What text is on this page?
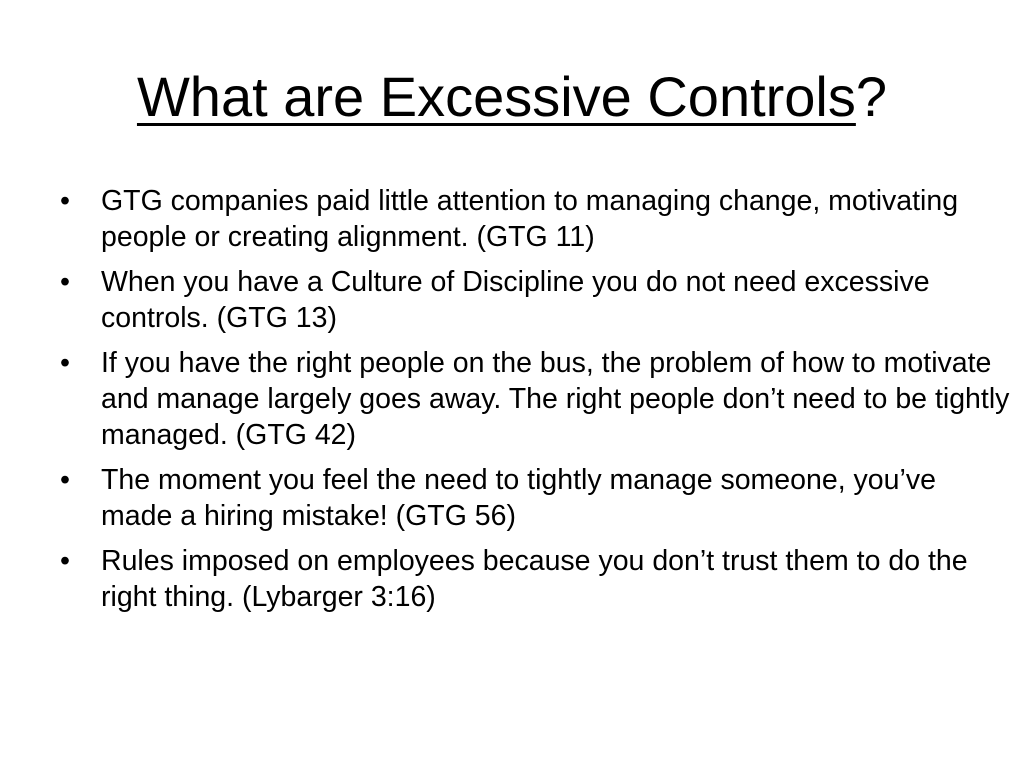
What are Excessive Controls?
• GTG companies paid little attention to managing change, motivating people or creating alignment. (GTG 11)
• When you have a Culture of Discipline you do not need excessive controls. (GTG 13)
• If you have the right people on the bus, the problem of how to motivate and manage largely goes away. The right people don’t need to be tightly managed. (GTG 42)
• The moment you feel the need to tightly manage someone, you’ve made a hiring mistake! (GTG 56)
• Rules imposed on employees because you don’t trust them to do the right thing. (Lybarger 3:16)
